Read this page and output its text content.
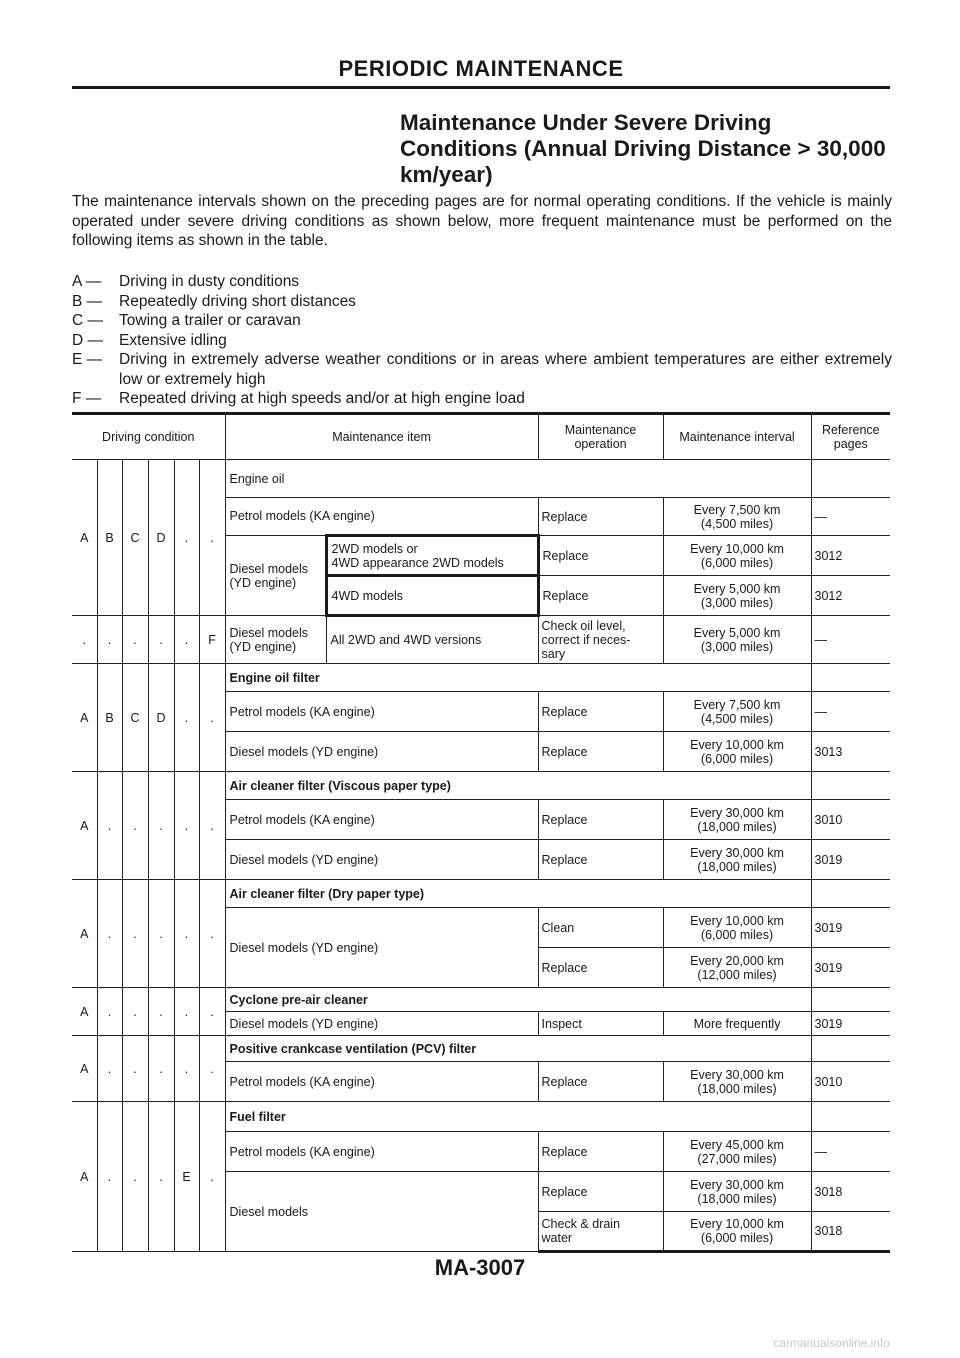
PERIODIC MAINTENANCE
Maintenance Under Severe Driving
Conditions (Annual Driving Distance > 30,000
km/year)
The maintenance intervals shown on the preceding pages are for normal operating conditions. If the vehicle is mainly operated under severe driving conditions as shown below, more frequent maintenance must be performed on the following items as shown in the table.
A — Driving in dusty conditions
B — Repeatedly driving short distances
C — Towing a trailer or caravan
D — Extensive idling
E — Driving in extremely adverse weather conditions or in areas where ambient temperatures are either extremely low or extremely high
F — Repeated driving at high speeds and/or at high engine load
Driving condition						Maintenance item		Maintenance operation	Maintenance interval	Reference pages
A	B	C	D	.	.	Engine oil				
						Petrol models (KA engine)		Replace	Every 7,500 km
(4,500 miles)	—
						Diesel models
(YD engine)	2WD models or
4WD appearance 2WD models	Replace	Every 10,000 km
(6,000 miles)	3012
							4WD models	Replace	Every 5,000 km
(3,000 miles)	3012
.	.	.	.	.	F	Diesel models
(YD engine)	All 2WD and 4WD versions	Check oil level,
correct if neces-
sary	Every 5,000 km
(3,000 miles)	—
A	B	C	D	.	.	Engine oil filter				
						Petrol models (KA engine)		Replace	Every 7,500 km
(4,500 miles)	—
						Diesel models (YD engine)		Replace	Every 10,000 km
(6,000 miles)	3013
A	.	.	.	.	.	Air cleaner filter (Viscous paper type)				
						Petrol models (KA engine)		Replace	Every 30,000 km
(18,000 miles)	3010
						Diesel models (YD engine)		Replace	Every 30,000 km
(18,000 miles)	3019
A	.	.	.	.	.	Air cleaner filter (Dry paper type)				
						Diesel models (YD engine)		Clean	Every 10,000 km
(6,000 miles)	3019
								Replace	Every 20,000 km
(12,000 miles)	3019
A	.	.	.	.	.	Cyclone pre-air cleaner				
						Diesel models (YD engine)		Inspect	More frequently	3019
A	.	.	.	.	.	Positive crankcase ventilation (PCV) filter				
						Petrol models (KA engine)		Replace	Every 30,000 km
(18,000 miles)	3010
A	.	.	.	E	.	Fuel filter				
						Petrol models (KA engine)		Replace	Every 45,000 km
(27,000 miles)	—
						Diesel models		Replace	Every 30,000 km
(18,000 miles)	3018
								Check & drain
water	Every 10,000 km
(6,000 miles)	3018
MA-3007
carmanualsonline.info
